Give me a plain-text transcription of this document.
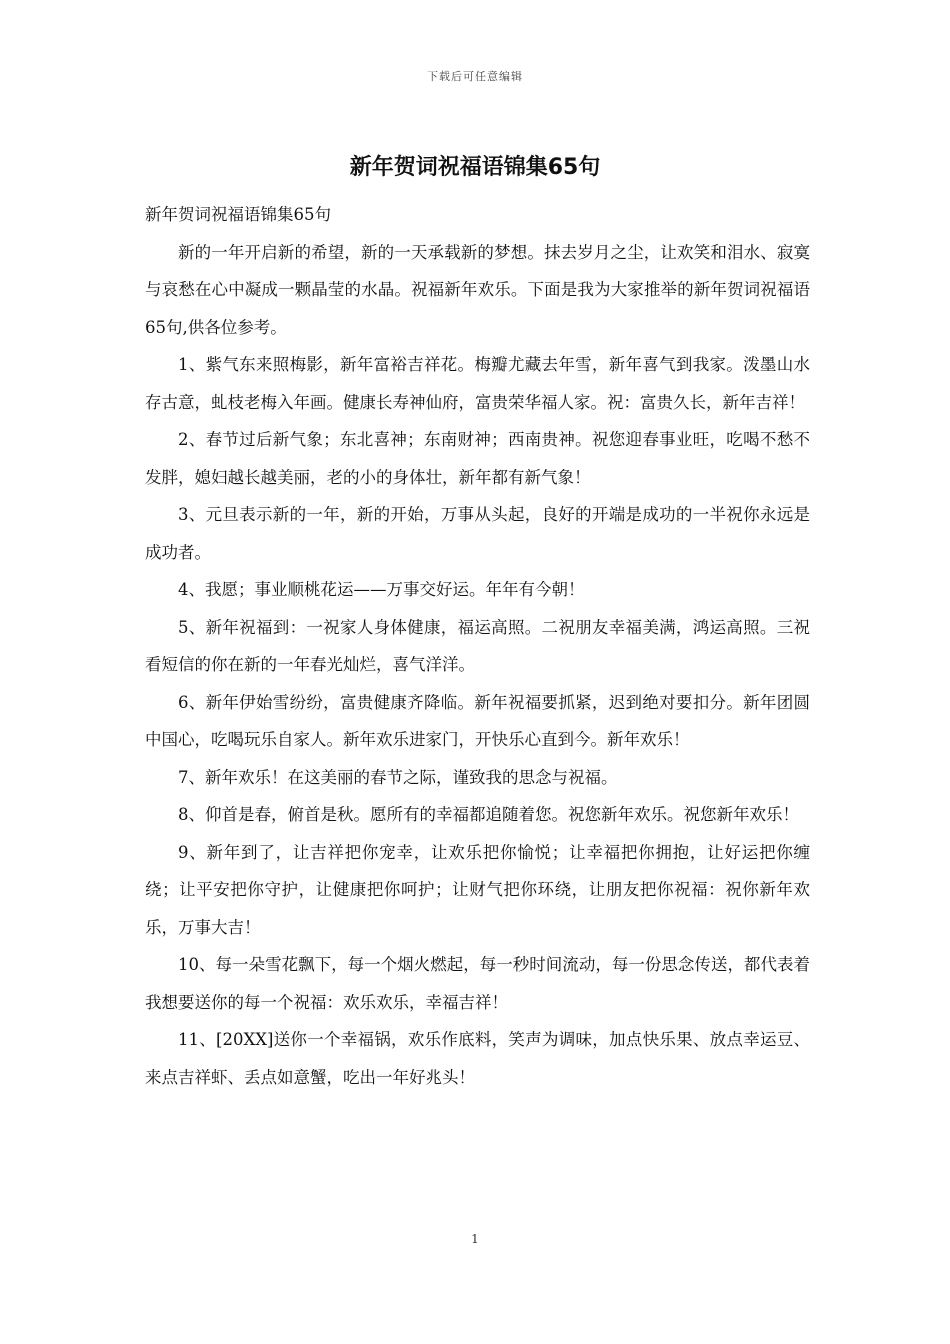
下载后可任意编辑
新年贺词祝福语锦集65句

新年贺词祝福语锦集65句

新的一年开启新的希望，新的一天承载新的梦想。抹去岁月之尘，让欢笑和泪水、寂寞与哀愁在心中凝成一颗晶莹的水晶。祝福新年欢乐。下面是我为大家推举的新年贺词祝福语65句,供各位参考。

1、紫气东来照梅影，新年富裕吉祥花。梅瓣尤藏去年雪，新年喜气到我家。泼墨山水存古意，虬枝老梅入年画。健康长寿神仙府，富贵荣华福人家。祝：富贵久长，新年吉祥！

2、春节过后新气象；东北喜神；东南财神；西南贵神。祝您迎春事业旺，吃喝不愁不发胖，媳妇越长越美丽，老的小的身体壮，新年都有新气象！

3、元旦表示新的一年，新的开始，万事从头起，良好的开端是成功的一半祝你永远是成功者。

4、我愿；事业顺桃花运——万事交好运。年年有今朝！

5、新年祝福到：一祝家人身体健康，福运高照。二祝朋友幸福美满，鸿运高照。三祝看短信的你在新的一年春光灿烂，喜气洋洋。

6、新年伊始雪纷纷，富贵健康齐降临。新年祝福要抓紧，迟到绝对要扣分。新年团圆中国心，吃喝玩乐自家人。新年欢乐进家门，开快乐心直到今。新年欢乐！

7、新年欢乐！在这美丽的春节之际，谨致我的思念与祝福。

8、仰首是春，俯首是秋。愿所有的幸福都追随着您。祝您新年欢乐。祝您新年欢乐！

9、新年到了，让吉祥把你宠幸，让欢乐把你愉悦；让幸福把你拥抱，让好运把你缠绕；让平安把你守护，让健康把你呵护；让财气把你环绕，让朋友把你祝福：祝你新年欢乐，万事大吉！

10、每一朵雪花飘下，每一个烟火燃起，每一秒时间流动，每一份思念传送，都代表着我想要送你的每一个祝福：欢乐欢乐，幸福吉祥！

11、[20XX]送你一个幸福锅，欢乐作底料，笑声为调味，加点快乐果、放点幸运豆、来点吉祥虾、丢点如意蟹，吃出一年好兆头！

1
